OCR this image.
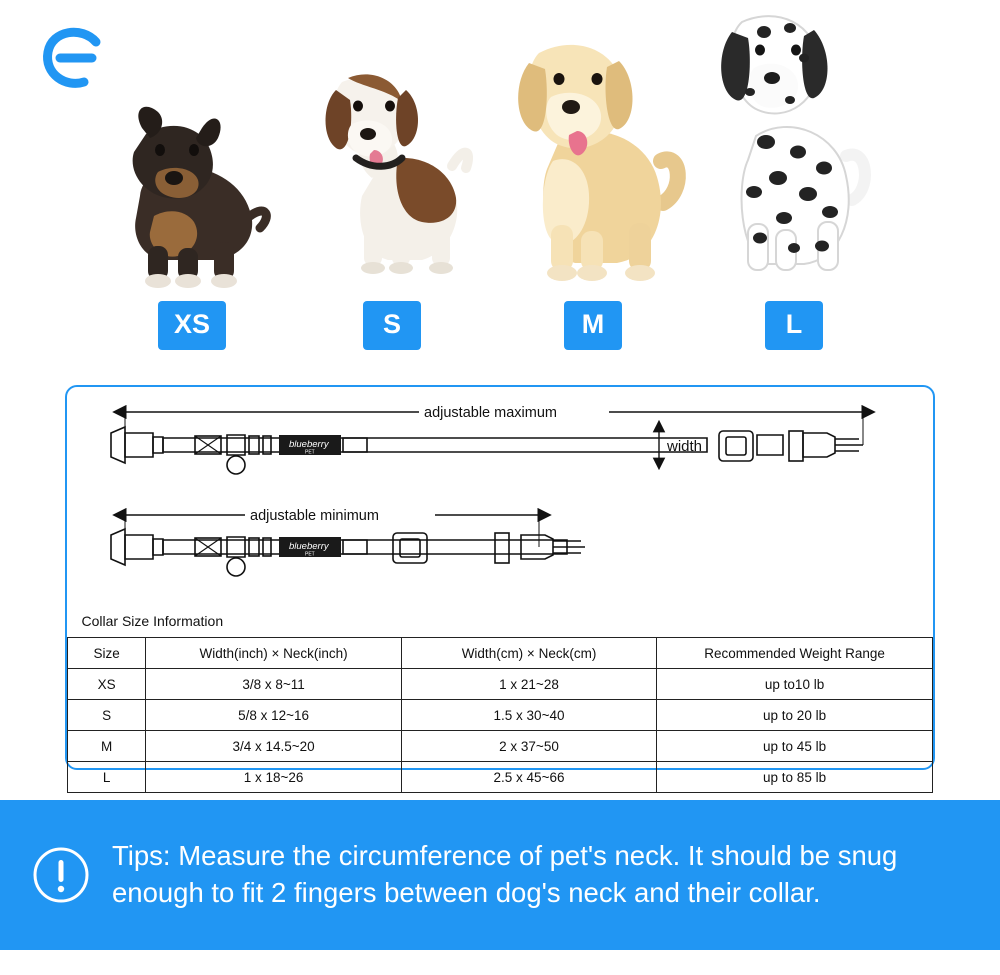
XS	S	M	L
adjustable maximum
blueberry
PET	width
adjustable minimum
blueberry
PET
Collar Size Information			
Size	Width(inch) × Neck(inch)	Width(cm) × Neck(cm)	Recommended Weight Range
XS	3/8 x 8~11	1 x 21~28	up to10 lb
S	5/8 x 12~16	1.5 x 30~40	up to 20 lb
M	3/4 x 14.5~20	2 x 37~50	up to 45 lb
L	1 x 18~26	2.5 x 45~66	up to 85 lb
Tips: Measure the circumference of pet's neck. It should be snug enough to fit 2 fingers between dog's neck and their collar.
